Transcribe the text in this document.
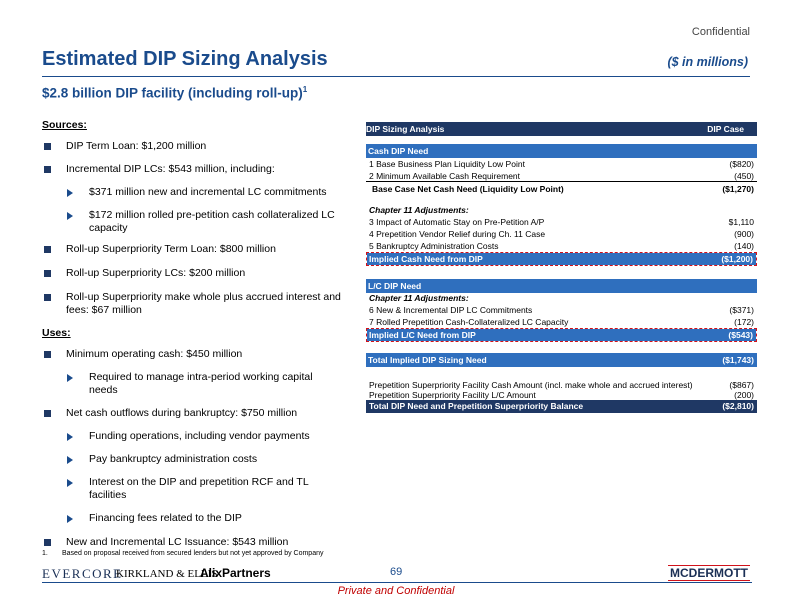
Confidential
Estimated DIP Sizing Analysis	($ in millions)
$2.8 billion DIP facility (including roll-up)$^1$
Sources:
DIP Term Loan: $1,200 million
Incremental DIP LCs: $543 million, including:
$371 million new and incremental LC commitments
$172 million rolled pre-petition cash collateralized LC capacity
Roll-up Superpriority Term Loan: $800 million
Roll-up Superpriority LCs: $200 million
Roll-up Superpriority make whole plus accrued interest and fees: $67 million
Uses:
Minimum operating cash: $450 million
Required to manage intra-period working capital needs
Net cash outflows during bankruptcy: $750 million
Funding operations, including vendor payments
Pay bankruptcy administration costs
Interest on the DIP and prepetition RCF and TL facilities
Financing fees related to the DIP
New and Incremental LC Issuance: $543 million
DIP Sizing Analysis	DIP Case
Cash DIP Need
1 Base Business Plan Liquidity Low Point	($820)
2 Minimum Available Cash Requirement	(450)
Base Case Net Cash Need (Liquidity Low Point)	($1,270)
Chapter 11 Adjustments:
3 Impact of Automatic Stay on Pre-Petition A/P	$1,110
4 Prepetition Vendor Relief during Ch. 11 Case	(900)
5 Bankruptcy Administration Costs	(140)
Implied Cash Need from DIP	($1,200)
L/C DIP Need
Chapter 11 Adjustments:
6 New & Incremental DIP LC Commitments	($371)
7 Rolled Prepetition Cash-Collateralized LC Capacity	(172)
Implied L/C Need from DIP	($543)
Total Implied DIP Sizing Need	($1,743)
Prepetition Superpriority Facility Cash Amount (incl. make whole and accrued interest)	($867)
Prepetition Superpriority Facility L/C Amount	(200)
Total DIP Need and Prepetition Superpriority Balance	($2,810)
1. Based on proposal received from secured lenders but not yet approved by Company
EVERCORE
KIRKLAND & ELLIS
AlixPartners	69	MCDERMOTT
Private and Confidential
